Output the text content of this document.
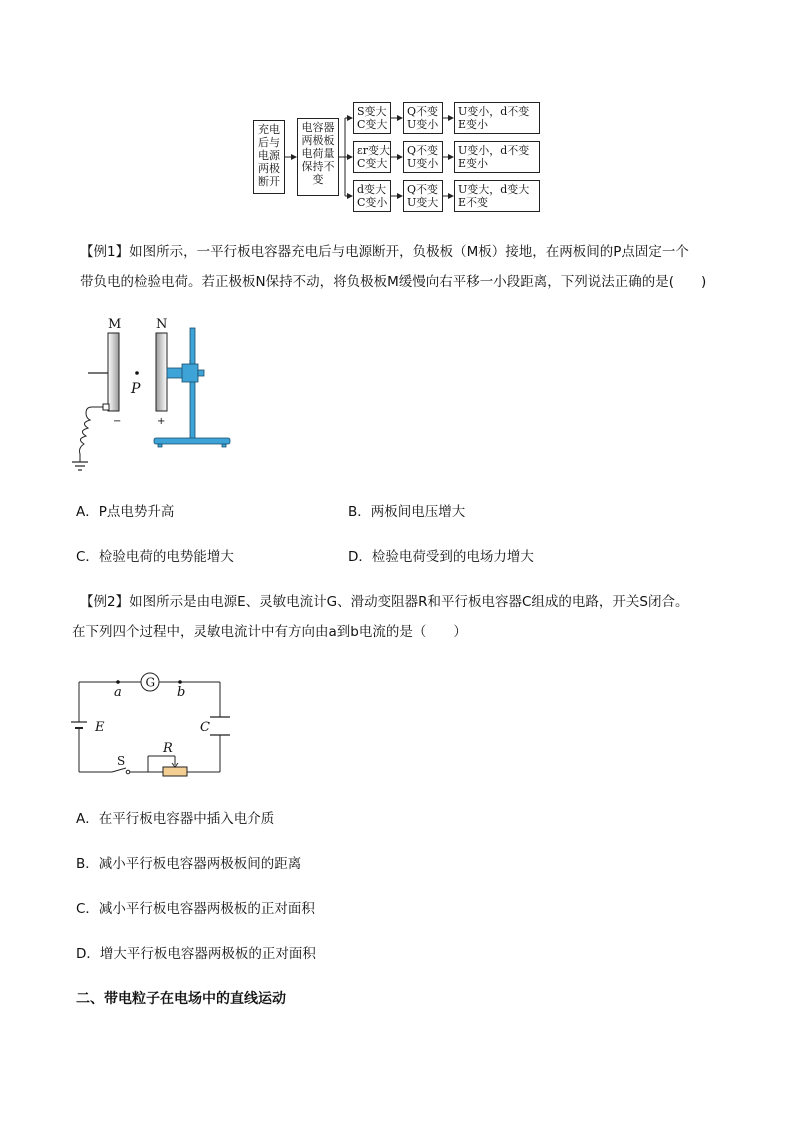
充电
后与
电源
两极
断开
电容器
两极板
电荷量
保持不
变
S变大
C变大
Q不变
U变小
U变小，d不变
E变小
εr变大
C变大
Q不变
U变小
U变小，d不变
E变小
d变大
C变小
Q不变
U变大
U变大，d变大
E不变
【例1】如图所示，一平行板电容器充电后与电源断开，负极板（M板）接地，在两板间的P点固定一个
带负电的检验电荷。若正极板N保持不动，将负极板M缓慢向右平移一小段距离，下列说法正确的是(　　)
M	N
P
−	+
A．P点电势升高	B．两板间电压增大
C．检验电荷的电势能增大	D．检验电荷受到的电场力增大
【例2】如图所示是由电源E、灵敏电流计G、滑动变阻器R和平行板电容器C组成的电路，开关S闭合。
在下列四个过程中，灵敏电流计中有方向由a到b电流的是（　　）
G
a	b
E
S
R
C
A．在平行板电容器中插入电介质
B．减小平行板电容器两极板间的距离
C．减小平行板电容器两极板的正对面积
D．增大平行板电容器两极板的正对面积
二、带电粒子在电场中的直线运动
